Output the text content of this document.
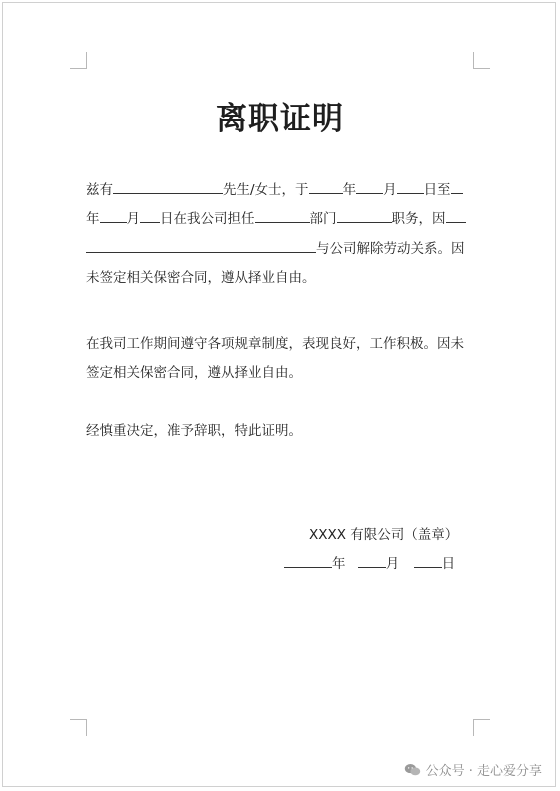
离职证明
兹有	先生/女士，于	年 月 日至
年 月 日在我公司担任	部门	职务，因
与公司解除劳动关系。因
未签定相关保密合同，遵从择业自由。
在我司工作期间遵守各项规章制度，表现良好，工作积极。因未
签定相关保密合同，遵从择业自由。
经慎重决定，准予辞职，特此证明。
XXXX 有限公司（盖章）
年	月	日
公众号 · 走心爱分享
